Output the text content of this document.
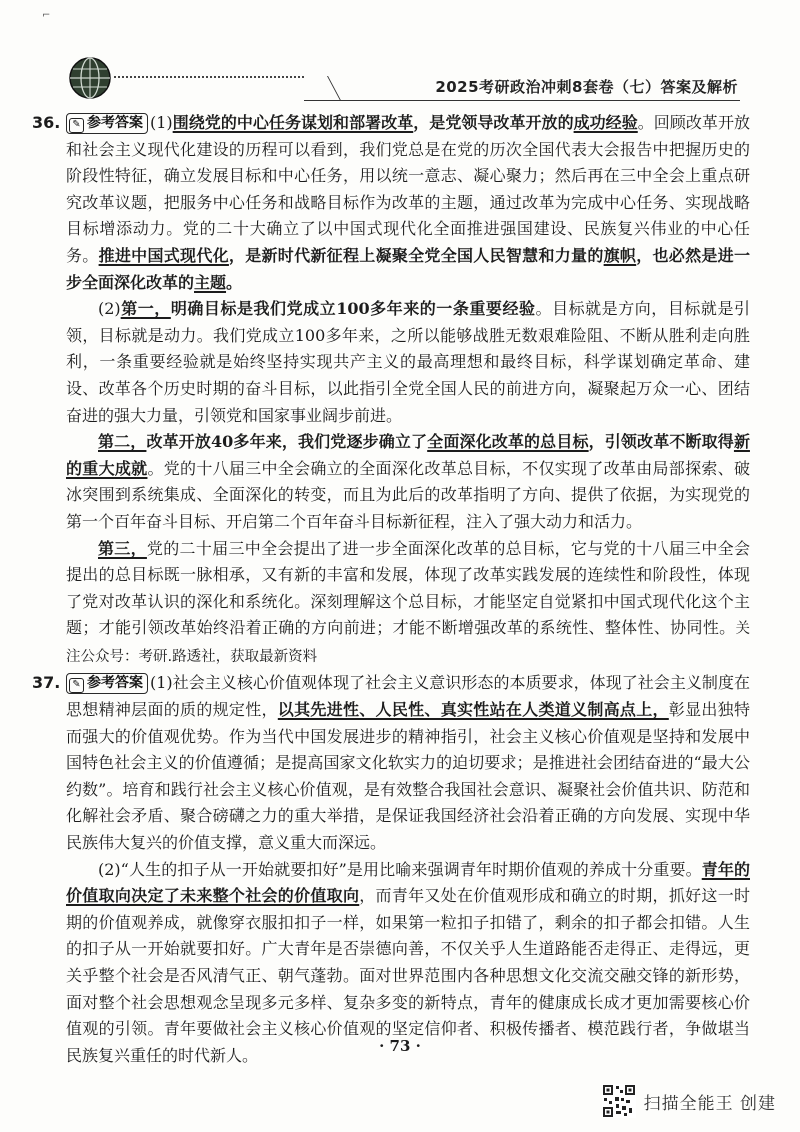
⌐
2025考研政治冲刺8套卷（七）答案及解析
36.	✎ 参考答案 (1)围绕党的中心任务谋划和部署改革，是党领导改革开放的成功经验。回顾改革开放和社会主义现代化建设的历程可以看到，我们党总是在党的历次全国代表大会报告中把握历史的阶段性特征，确立发展目标和中心任务，用以统一意志、凝心聚力；然后再在三中全会上重点研究改革议题，把服务中心任务和战略目标作为改革的主题，通过改革为完成中心任务、实现战略目标增添动力。党的二十大确立了以中国式现代化全面推进强国建设、民族复兴伟业的中心任务。推进中国式现代化，是新时代新征程上凝聚全党全国人民智慧和力量的旗帜，也必然是进一步全面深化改革的主题。

(2)第一，明确目标是我们党成立100多年来的一条重要经验。目标就是方向，目标就是引领，目标就是动力。我们党成立100多年来，之所以能够战胜无数艰难险阻、不断从胜利走向胜利，一条重要经验就是始终坚持实现共产主义的最高理想和最终目标，科学谋划确定革命、建设、改革各个历史时期的奋斗目标，以此指引全党全国人民的前进方向，凝聚起万众一心、团结奋进的强大力量，引领党和国家事业阔步前进。

第二，改革开放40多年来，我们党逐步确立了全面深化改革的总目标，引领改革不断取得新的重大成就。党的十八届三中全会确立的全面深化改革总目标，不仅实现了改革由局部探索、破冰突围到系统集成、全面深化的转变，而且为此后的改革指明了方向、提供了依据，为实现党的第一个百年奋斗目标、开启第二个百年奋斗目标新征程，注入了强大动力和活力。

第三，党的二十届三中全会提出了进一步全面深化改革的总目标，它与党的十八届三中全会提出的总目标既一脉相承，又有新的丰富和发展，体现了改革实践发展的连续性和阶段性，体现了党对改革认识的深化和系统化。深刻理解这个总目标，才能坚定自觉紧扣中国式现代化这个主题；才能引领改革始终沿着正确的方向前进；才能不断增强改革的系统性、整体性、协同性。关注公众号：考研.路透社，获取最新资料

37.	✎ 参考答案 (1)社会主义核心价值观体现了社会主义意识形态的本质要求，体现了社会主义制度在思想精神层面的质的规定性，以其先进性、人民性、真实性站在人类道义制高点上，彰显出独特而强大的价值观优势。作为当代中国发展进步的精神指引，社会主义核心价值观是坚持和发展中国特色社会主义的价值遵循；是提高国家文化软实力的迫切要求；是推进社会团结奋进的“最大公约数”。培育和践行社会主义核心价值观，是有效整合我国社会意识、凝聚社会价值共识、防范和化解社会矛盾、聚合磅礴之力的重大举措，是保证我国经济社会沿着正确的方向发展、实现中华民族伟大复兴的价值支撑，意义重大而深远。

(2)“人生的扣子从一开始就要扣好”是用比喻来强调青年时期价值观的养成十分重要。青年的价值取向决定了未来整个社会的价值取向，而青年又处在价值观形成和确立的时期，抓好这一时期的价值观养成，就像穿衣服扣扣子一样，如果第一粒扣子扣错了，剩余的扣子都会扣错。人生的扣子从一开始就要扣好。广大青年是否崇德向善，不仅关乎人生道路能否走得正、走得远，更关乎整个社会是否风清气正、朝气蓬勃。面对世界范围内各种思想文化交流交融交锋的新形势，面对整个社会思想观念呈现多元多样、复杂多变的新特点，青年的健康成长成才更加需要核心价值观的引领。青年要做社会主义核心价值观的坚定信仰者、积极传播者、模范践行者，争做堪当民族复兴重任的时代新人。	· 73 ·
扫描全能王 创建
